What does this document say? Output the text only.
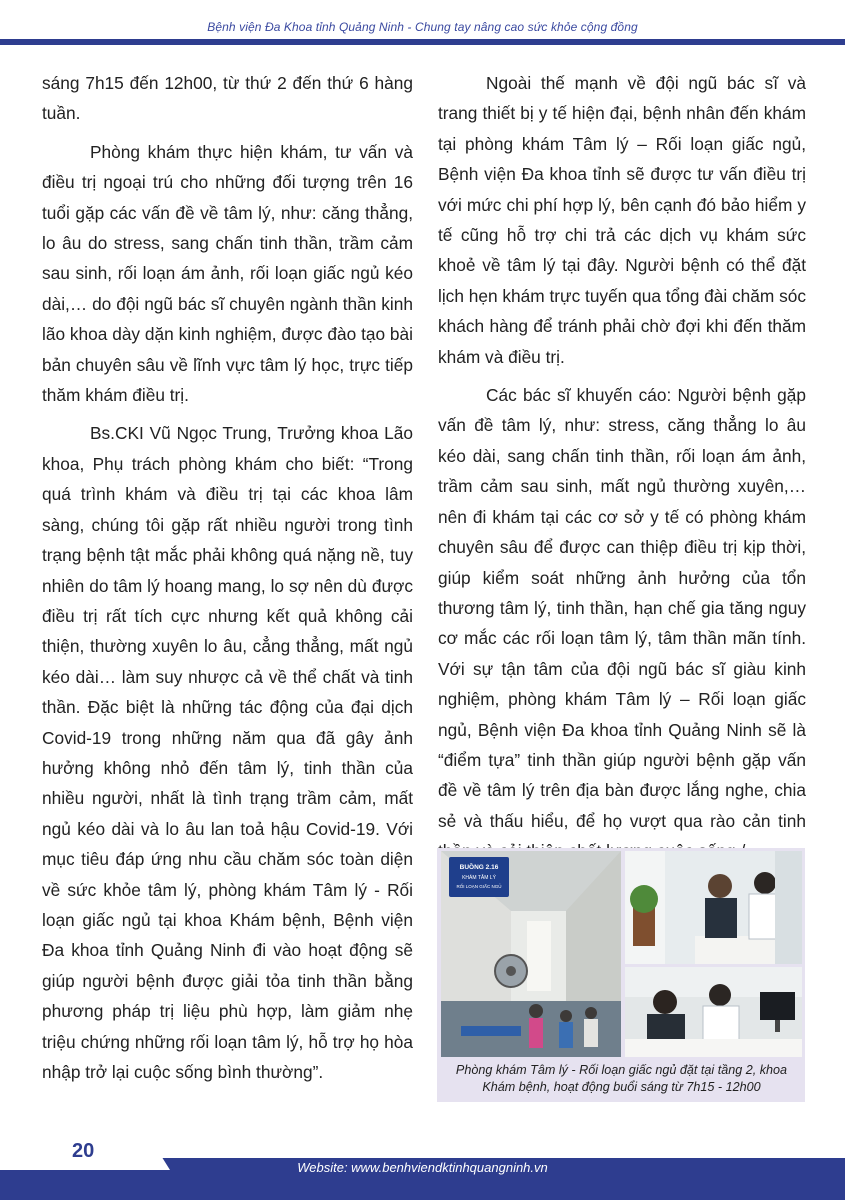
Bệnh viện Đa Khoa tỉnh Quảng Ninh - Chung tay nâng cao sức khỏe cộng đồng

sáng 7h15 đến 12h00, từ thứ 2 đến thứ 6 hàng tuần.

Phòng khám thực hiện khám, tư vấn và điều trị ngoại trú cho những đối tượng trên 16 tuổi gặp các vấn đề về tâm lý, như: căng thẳng, lo âu do stress, sang chấn tinh thần, trầm cảm sau sinh, rối loạn ám ảnh, rối loạn giấc ngủ kéo dài,… do đội ngũ bác sĩ chuyên ngành thần kinh lão khoa dày dặn kinh nghiệm, được đào tạo bài bản chuyên sâu về lĩnh vực tâm lý học, trực tiếp thăm khám điều trị.

Bs.CKI Vũ Ngọc Trung, Trưởng khoa Lão khoa, Phụ trách phòng khám cho biết: “Trong quá trình khám và điều trị tại các khoa lâm sàng, chúng tôi gặp rất nhiều người trong tình trạng bệnh tật mắc phải không quá nặng nề, tuy nhiên do tâm lý hoang mang, lo sợ nên dù được điều trị rất tích cực nhưng kết quả không cải thiện, thường xuyên lo âu, cẳng thẳng, mất ngủ kéo dài… làm suy nhược cả về thể chất và tinh thần. Đặc biệt là những tác động của đại dịch Covid-19 trong những năm qua đã gây ảnh hưởng không nhỏ đến tâm lý, tinh thần của nhiều người, nhất là tình trạng trầm cảm, mất ngủ kéo dài và lo âu lan toả hậu Covid-19. Với mục tiêu đáp ứng nhu cầu chăm sóc toàn diện về sức khỏe tâm lý, phòng khám Tâm lý - Rối loạn giấc ngủ tại khoa Khám bệnh, Bệnh viện Đa khoa tỉnh Quảng Ninh đi vào hoạt động sẽ giúp người bệnh được giải tỏa tinh thần bằng phương pháp trị liệu phù hợp, làm giảm nhẹ triệu chứng những rối loạn tâm lý, hỗ trợ họ hòa nhập trở lại cuộc sống bình thường”.

Ngoài thế mạnh về đội ngũ bác sĩ và trang thiết bị y tế hiện đại, bệnh nhân đến khám tại phòng khám Tâm lý – Rối loạn giấc ngủ, Bệnh viện Đa khoa tỉnh sẽ được tư vấn điều trị với mức chi phí hợp lý, bên cạnh đó bảo hiểm y tế cũng hỗ trợ chi trả các dịch vụ khám sức khoẻ về tâm lý tại đây. Người bệnh có thể đặt lịch hẹn khám trực tuyến qua tổng đài chăm sóc khách hàng để tránh phải chờ đợi khi đến thăm khám và điều trị.

Các bác sĩ khuyến cáo: Người bệnh gặp vấn đề tâm lý, như: stress, căng thẳng lo âu kéo dài, sang chấn tinh thần, rối loạn ám ảnh, trầm cảm sau sinh, mất ngủ thường xuyên,… nên đi khám tại các cơ sở y tế có phòng khám chuyên sâu để được can thiệp điều trị kịp thời, giúp kiểm soát những ảnh hưởng của tổn thương tâm lý, tinh thần, hạn chế gia tăng nguy cơ mắc các rối loạn tâm lý, tâm thần mãn tính. Với sự tận tâm của đội ngũ bác sĩ giàu kinh nghiệm, phòng khám Tâm lý – Rối loạn giấc ngủ, Bệnh viện Đa khoa tỉnh Quảng Ninh sẽ là “điểm tựa” tinh thần giúp người bệnh gặp vấn đề về tâm lý trên địa bàn được lắng nghe, chia sẻ và thấu hiểu, để họ vượt qua rào cản tinh

BUỒNG 2.16
KHÁM TÂM LÝ
RỐI LOẠN GIẤC NGỦ
Phòng khám Tâm lý - Rối loạn giấc ngủ đặt tại tầng 2, khoa Khám bệnh, hoạt động buổi sáng từ 7h15 - 12h00
20
Website: www.benhviendktinhquangninh.vn
